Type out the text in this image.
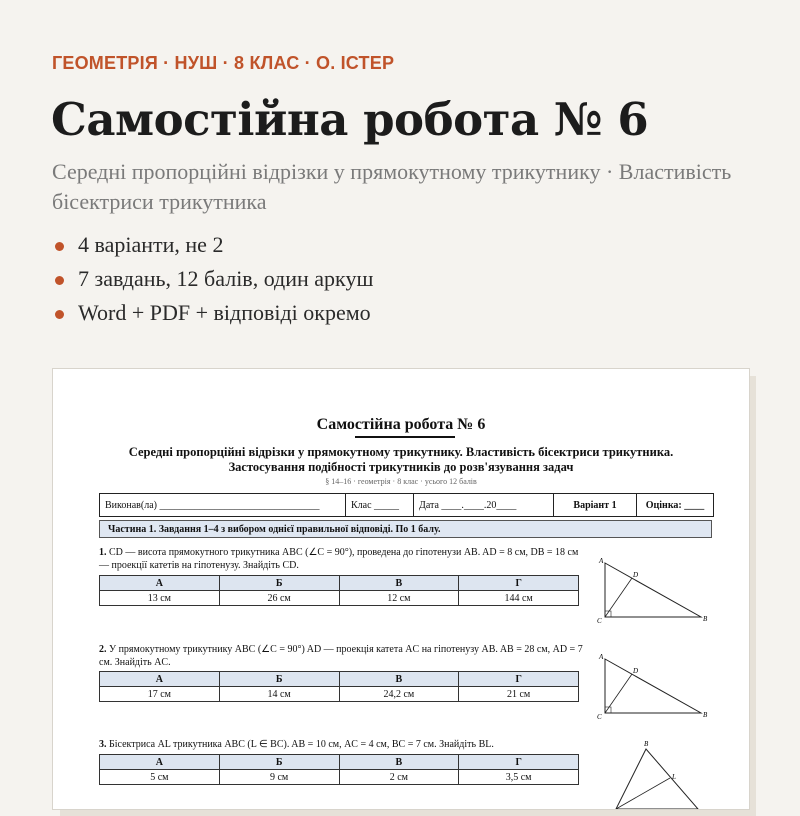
ГЕОМЕТРІЯ · НУШ · 8 КЛАС · О. ІСТЕР
Самостійна робота № 6
Середні пропорційні відрізки у прямокутному трикутнику · Властивість бісектриси трикутника
4 варіанти, не 2
7 завдань, 12 балів, один аркуш
Word + PDF + відповіді окремо
Самостійна робота № 6
Середні пропорційні відрізки у прямокутному трикутнику. Властивість бісектриси трикутника.
Застосування подібності трикутників до розв'язування задач
§ 14–16 · геометрія · 8 клас · усього 12 балів
Виконав(ла) ________________________________	Клас _____	Дата ____.____.20____	Варіант 1	Оцінка: ____
Частина 1. Завдання 1–4 з вибором однієї правильної відповіді. По 1 балу.
1. CD — висота прямокутного трикутника ABC (∠C = 90°), проведена до гіпотенузи AB. AD = 8 см, DB = 18 см — проекції катетів на гіпотенузу. Знайдіть CD.
А	Б	В	Г
13 см	26 см	12 см	144 см
A
B
C
D
2. У прямокутному трикутнику ABC (∠C = 90°) AD — проекція катета AC на гіпотенузу AB. AB = 28 см, AD = 7 см. Знайдіть AC.
А	Б	В	Г
17 см	14 см	24,2 см	21 см
A
B
C
D
3. Бісектриса AL трикутника ABC (L ∈ BC). AB = 10 см, AC = 4 см, BC = 7 см. Знайдіть BL.
А	Б	В	Г
5 см	9 см	2 см	3,5 см
B
L
